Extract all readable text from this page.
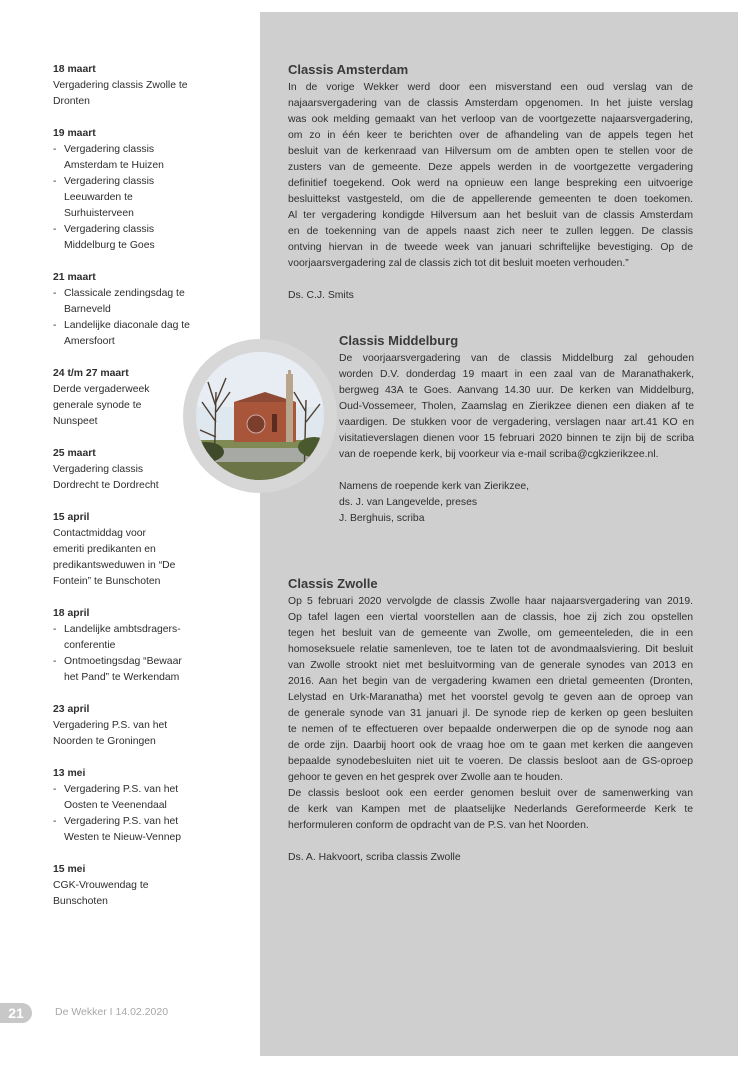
18 maart
Vergadering classis Zwolle te
Dronten
19 maart
- Vergadering classis
Amsterdam te Huizen
- Vergadering classis
Leeuwarden te
Surhuisterveen
- Vergadering classis
Middelburg te Goes
21 maart
- Classicale zendingsdag te
Barneveld
- Landelijke diaconale dag te
Amersfoort
24 t/m 27 maart
Derde vergaderweek
generale synode te
Nunspeet
25 maart
Vergadering classis
Dordrecht te Dordrecht
15 april
Contactmiddag voor
emeriti predikanten en
predikantsweduwen in “De
Fontein” te Bunschoten
18 april
- Landelijke ambtsdragers-
conferentie
- Ontmoetingsdag “Bewaar
het Pand” te Werkendam
23 april
Vergadering P.S. van het
Noorden te Groningen
13 mei
- Vergadering P.S. van het
Oosten te Veenendaal
- Vergadering P.S. van het
Westen te Nieuw-Vennep
15 mei
CGK-Vrouwendag te
Bunschoten
Classis Amsterdam
In de vorige Wekker werd door een misverstand een oud verslag van de
najaarsvergadering van de classis Amsterdam opgenomen. In het juiste verslag
was ook melding gemaakt van het verloop van de voortgezette najaarsvergadering,
om zo in één keer te berichten over de afhandeling van de appels tegen het
besluit van de kerkenraad van Hilversum om de ambten open te stellen voor de
zusters van de gemeente. Deze appels werden in de voortgezette vergadering
definitief toegekend. Ook werd na opnieuw een lange bespreking een uitvoerige
besluittekst vastgesteld, om die de appellerende gemeenten te doen toekomen.
Al ter vergadering kondigde Hilversum aan het besluit van de classis Amsterdam
en de toekenning van de appels naast zich neer te zullen leggen. De classis
ontving hiervan in de tweede week van januari schriftelijke bevestiging. Op de
voorjaarsvergadering zal de classis zich tot dit besluit moeten verhouden.”
Ds. C.J. Smits
Classis Middelburg
De voorjaarsvergadering van de classis Middelburg zal gehouden
worden D.V. donderdag 19 maart in een zaal van de Maranathakerk,
bergweg 43A te Goes. Aanvang 14.30 uur. De kerken van Middelburg,
Oud-Vossemeer, Tholen, Zaamslag en Zierikzee dienen een diaken af te
vaardigen. De stukken voor de vergadering, verslagen naar art.41 KO en
visitatieverslagen dienen voor 15 februari 2020 binnen te zijn bij de scriba
van de roepende kerk, bij voorkeur via e-mail scriba@cgkzierikzee.nl.
Namens de roepende kerk van Zierikzee,
ds. J. van Langevelde, preses
J. Berghuis, scriba
Classis Zwolle
Op 5 februari 2020 vervolgde de classis Zwolle haar najaarsvergadering van 2019.
Op tafel lagen een viertal voorstellen aan de classis, hoe zij zich zou opstellen
tegen het besluit van de gemeente van Zwolle, om gemeenteleden, die in een
homoseksuele relatie samenleven, toe te laten tot de avondmaalsviering. Dit besluit
van Zwolle strookt niet met besluitvorming van de generale synodes van 2013 en
2016. Aan het begin van de vergadering kwamen een drietal gemeenten (Dronten,
Lelystad en Urk-Maranatha) met het voorstel gevolg te geven aan de oproep van
de generale synode van 31 januari jl. De synode riep de kerken op geen besluiten
te nemen of te effectueren over bepaalde onderwerpen die op de synode nog aan
de orde zijn. Daarbij hoort ook de vraag hoe om te gaan met kerken die aangeven
bepaalde synodebesluiten niet uit te voeren. De classis besloot aan de GS-oproep
gehoor te geven en het gesprek over Zwolle aan te houden.
De classis besloot ook een eerder genomen besluit over de samenwerking van
de kerk van Kampen met de plaatselijke Nederlands Gereformeerde Kerk te
herformuleren conform de opdracht van de P.S. van het Noorden.
Ds. A. Hakvoort, scriba classis Zwolle
21	De Wekker I 14.02.2020
